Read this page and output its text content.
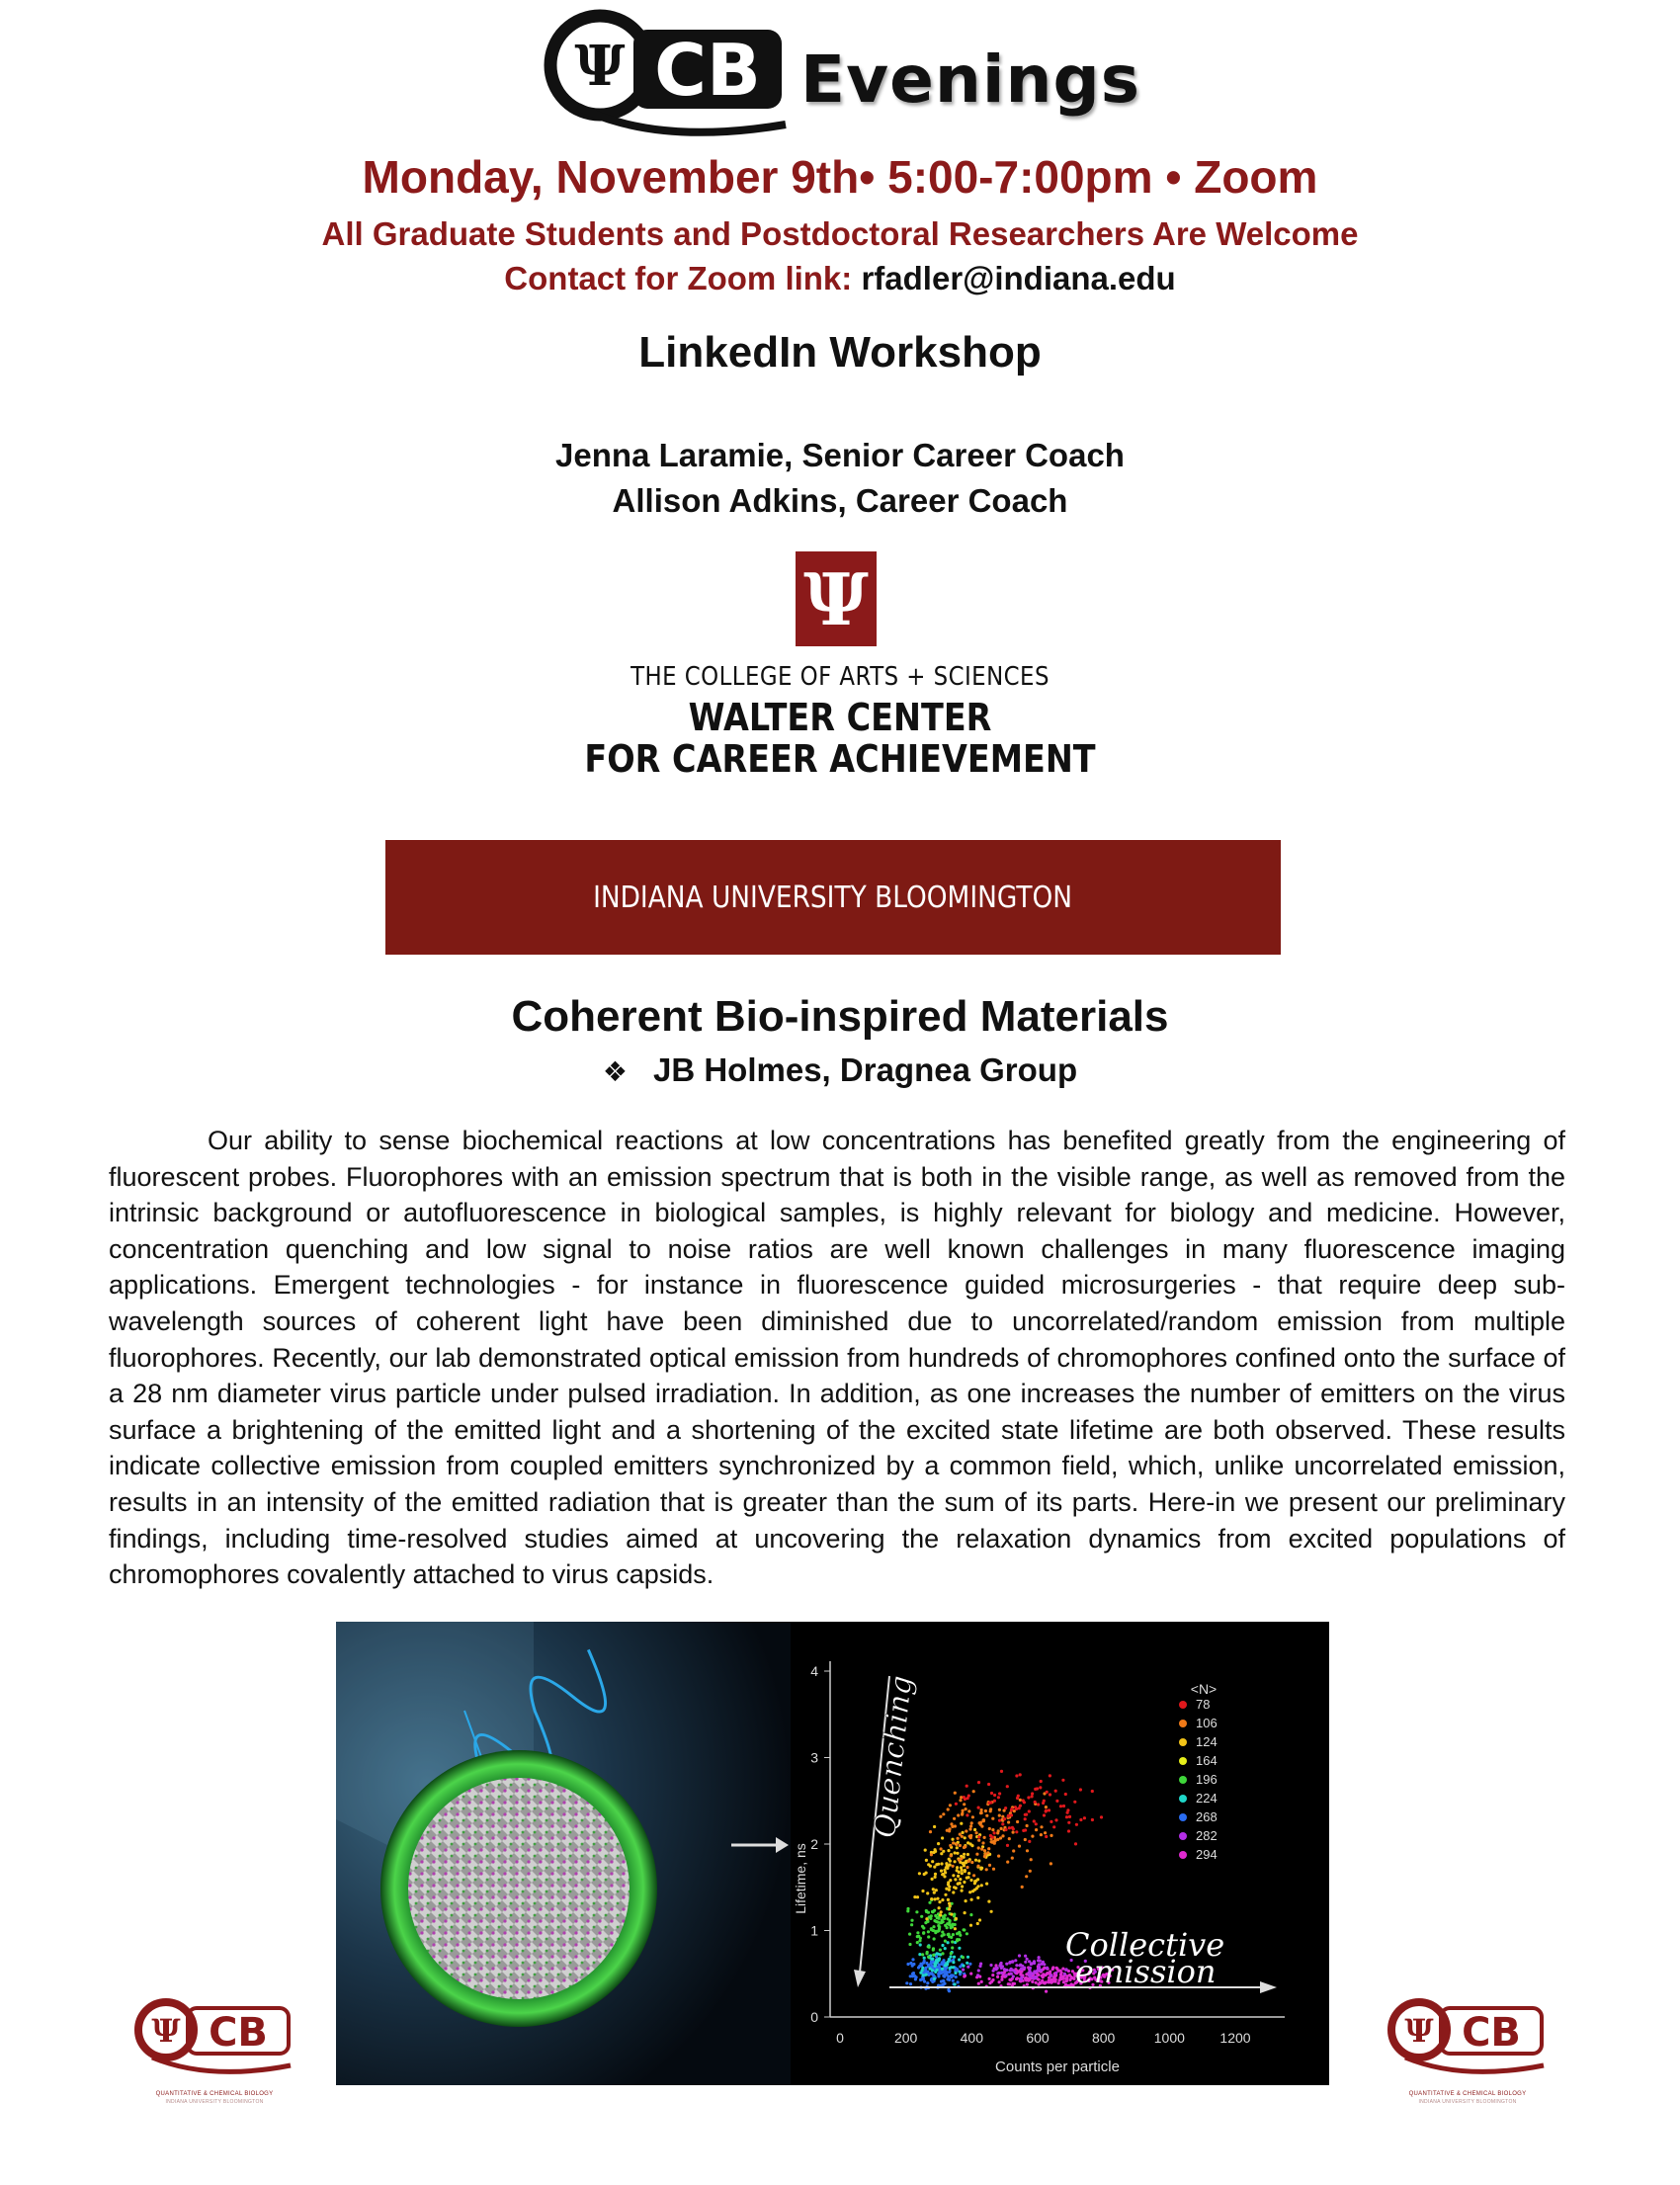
Ψ CB Evenings
Monday, November 9th• 5:00-7:00pm • Zoom
All Graduate Students and Postdoctoral Researchers Are Welcome
Contact for Zoom link: rfadler@indiana.edu
LinkedIn Workshop
Jenna Laramie, Senior Career Coach
Allison Adkins, Career Coach
Ψ
THE COLLEGE OF ARTS + SCIENCES
WALTER CENTER
FOR CAREER ACHIEVEMENT
INDIANA UNIVERSITY BLOOMINGTON
Coherent Bio-inspired Materials
❖ JB Holmes, Dragnea Group
Our ability to sense biochemical reactions at low concentrations has benefited greatly from the engineering of fluorescent probes. Fluorophores with an emission spectrum that is both in the visible range, as well as removed from the intrinsic background or autofluorescence in biological samples, is highly relevant for biology and medicine. However, concentration quenching and low signal to noise ratios are well known challenges in many fluorescence imaging applications. Emergent technologies - for instance in fluorescence guided microsurgeries - that require deep sub-wavelength sources of coherent light have been diminished due to uncorrelated/random emission from multiple fluorophores. Recently, our lab demonstrated optical emission from hundreds of chromophores confined onto the surface of a 28 nm diameter virus particle under pulsed irradiation. In addition, as one increases the number of emitters on the virus surface a brightening of the emitted light and a shortening of the excited state lifetime are both observed. These results indicate collective emission from coupled emitters synchronized by a common field, which, unlike uncorrelated emission, results in an intensity of the emitted radiation that is greater than the sum of its parts. Here-in we present our preliminary findings, including time-resolved studies aimed at uncovering the relaxation dynamics from excited populations of chromophores covalently attached to virus capsids.
0
1
2
3
4
0	200	400	600	800	1000	1200
Lifetime, ns
Counts per particle
Quenching
Collective
emission
<N>
78
106
124
164
196
224
268
282
294
Ψ CB
QUANTITATIVE & CHEMICAL BIOLOGY
INDIANA UNIVERSITY BLOOMINGTON
Ψ CB
QUANTITATIVE & CHEMICAL BIOLOGY
INDIANA UNIVERSITY BLOOMINGTON
